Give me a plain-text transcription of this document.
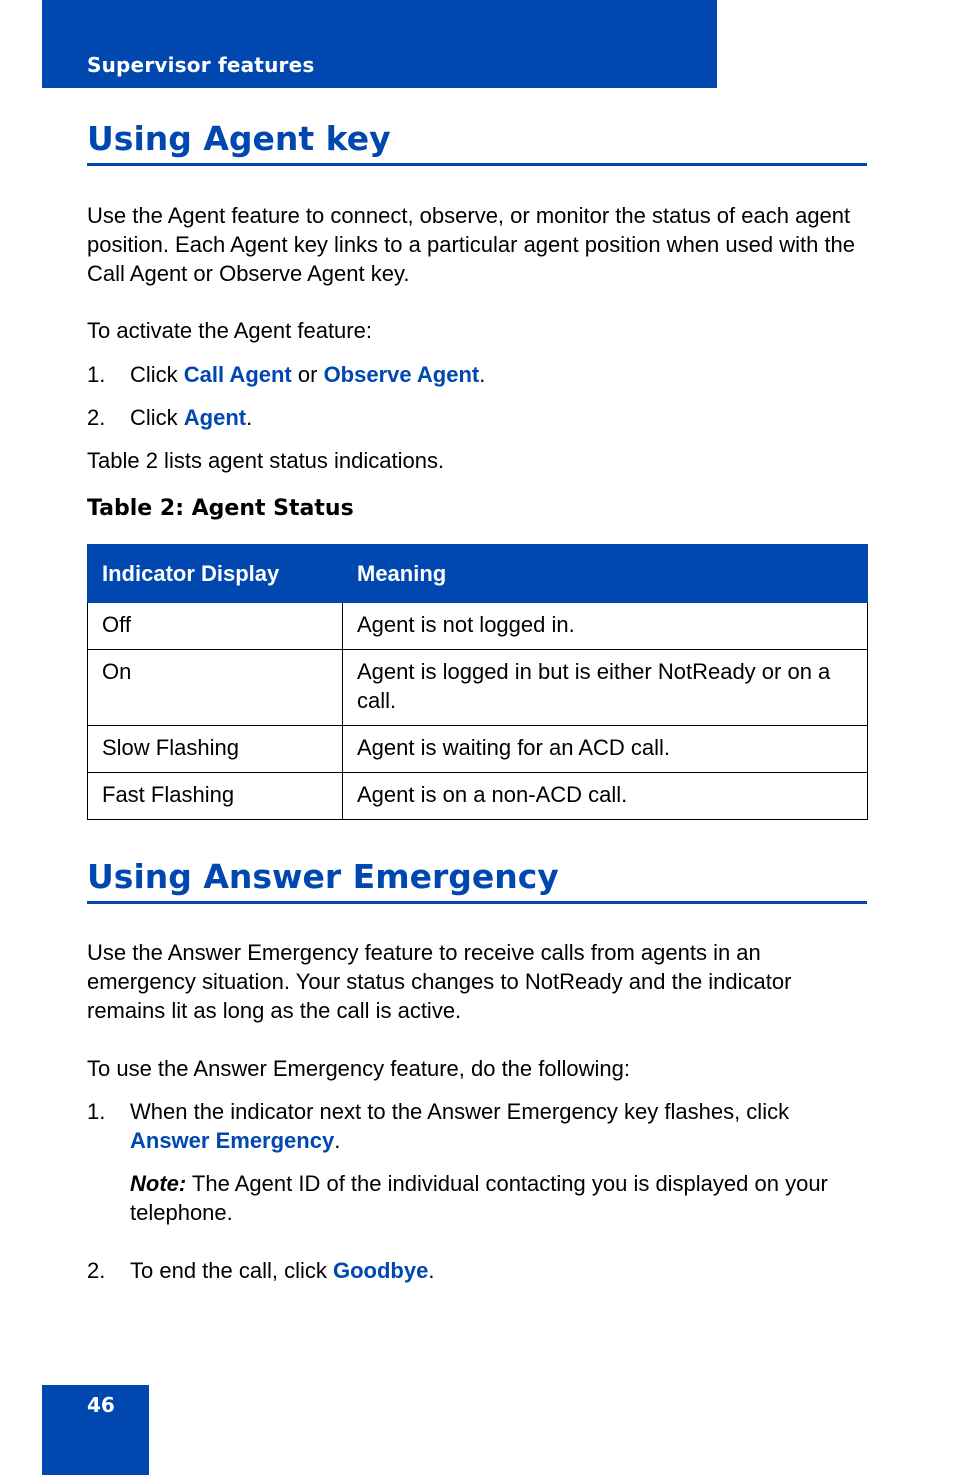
Supervisor features
Using Agent key
Use the Agent feature to connect, observe, or monitor the status of each agent position. Each Agent key links to a particular agent position when used with the Call Agent or Observe Agent key.
To activate the Agent feature:
1. Click Call Agent or Observe Agent.
2. Click Agent.
Table 2 lists agent status indications.
Table 2: Agent Status
Indicator Display	Meaning
Off	Agent is not logged in.
On	Agent is logged in but is either NotReady or on a call.
Slow Flashing	Agent is waiting for an ACD call.
Fast Flashing	Agent is on a non-ACD call.
Using Answer Emergency
Use the Answer Emergency feature to receive calls from agents in an emergency situation. Your status changes to NotReady and the indicator remains lit as long as the call is active.
To use the Answer Emergency feature, do the following:
1. When the indicator next to the Answer Emergency key flashes, click Answer Emergency.
Note: The Agent ID of the individual contacting you is displayed on your telephone.
2. To end the call, click Goodbye.
46
